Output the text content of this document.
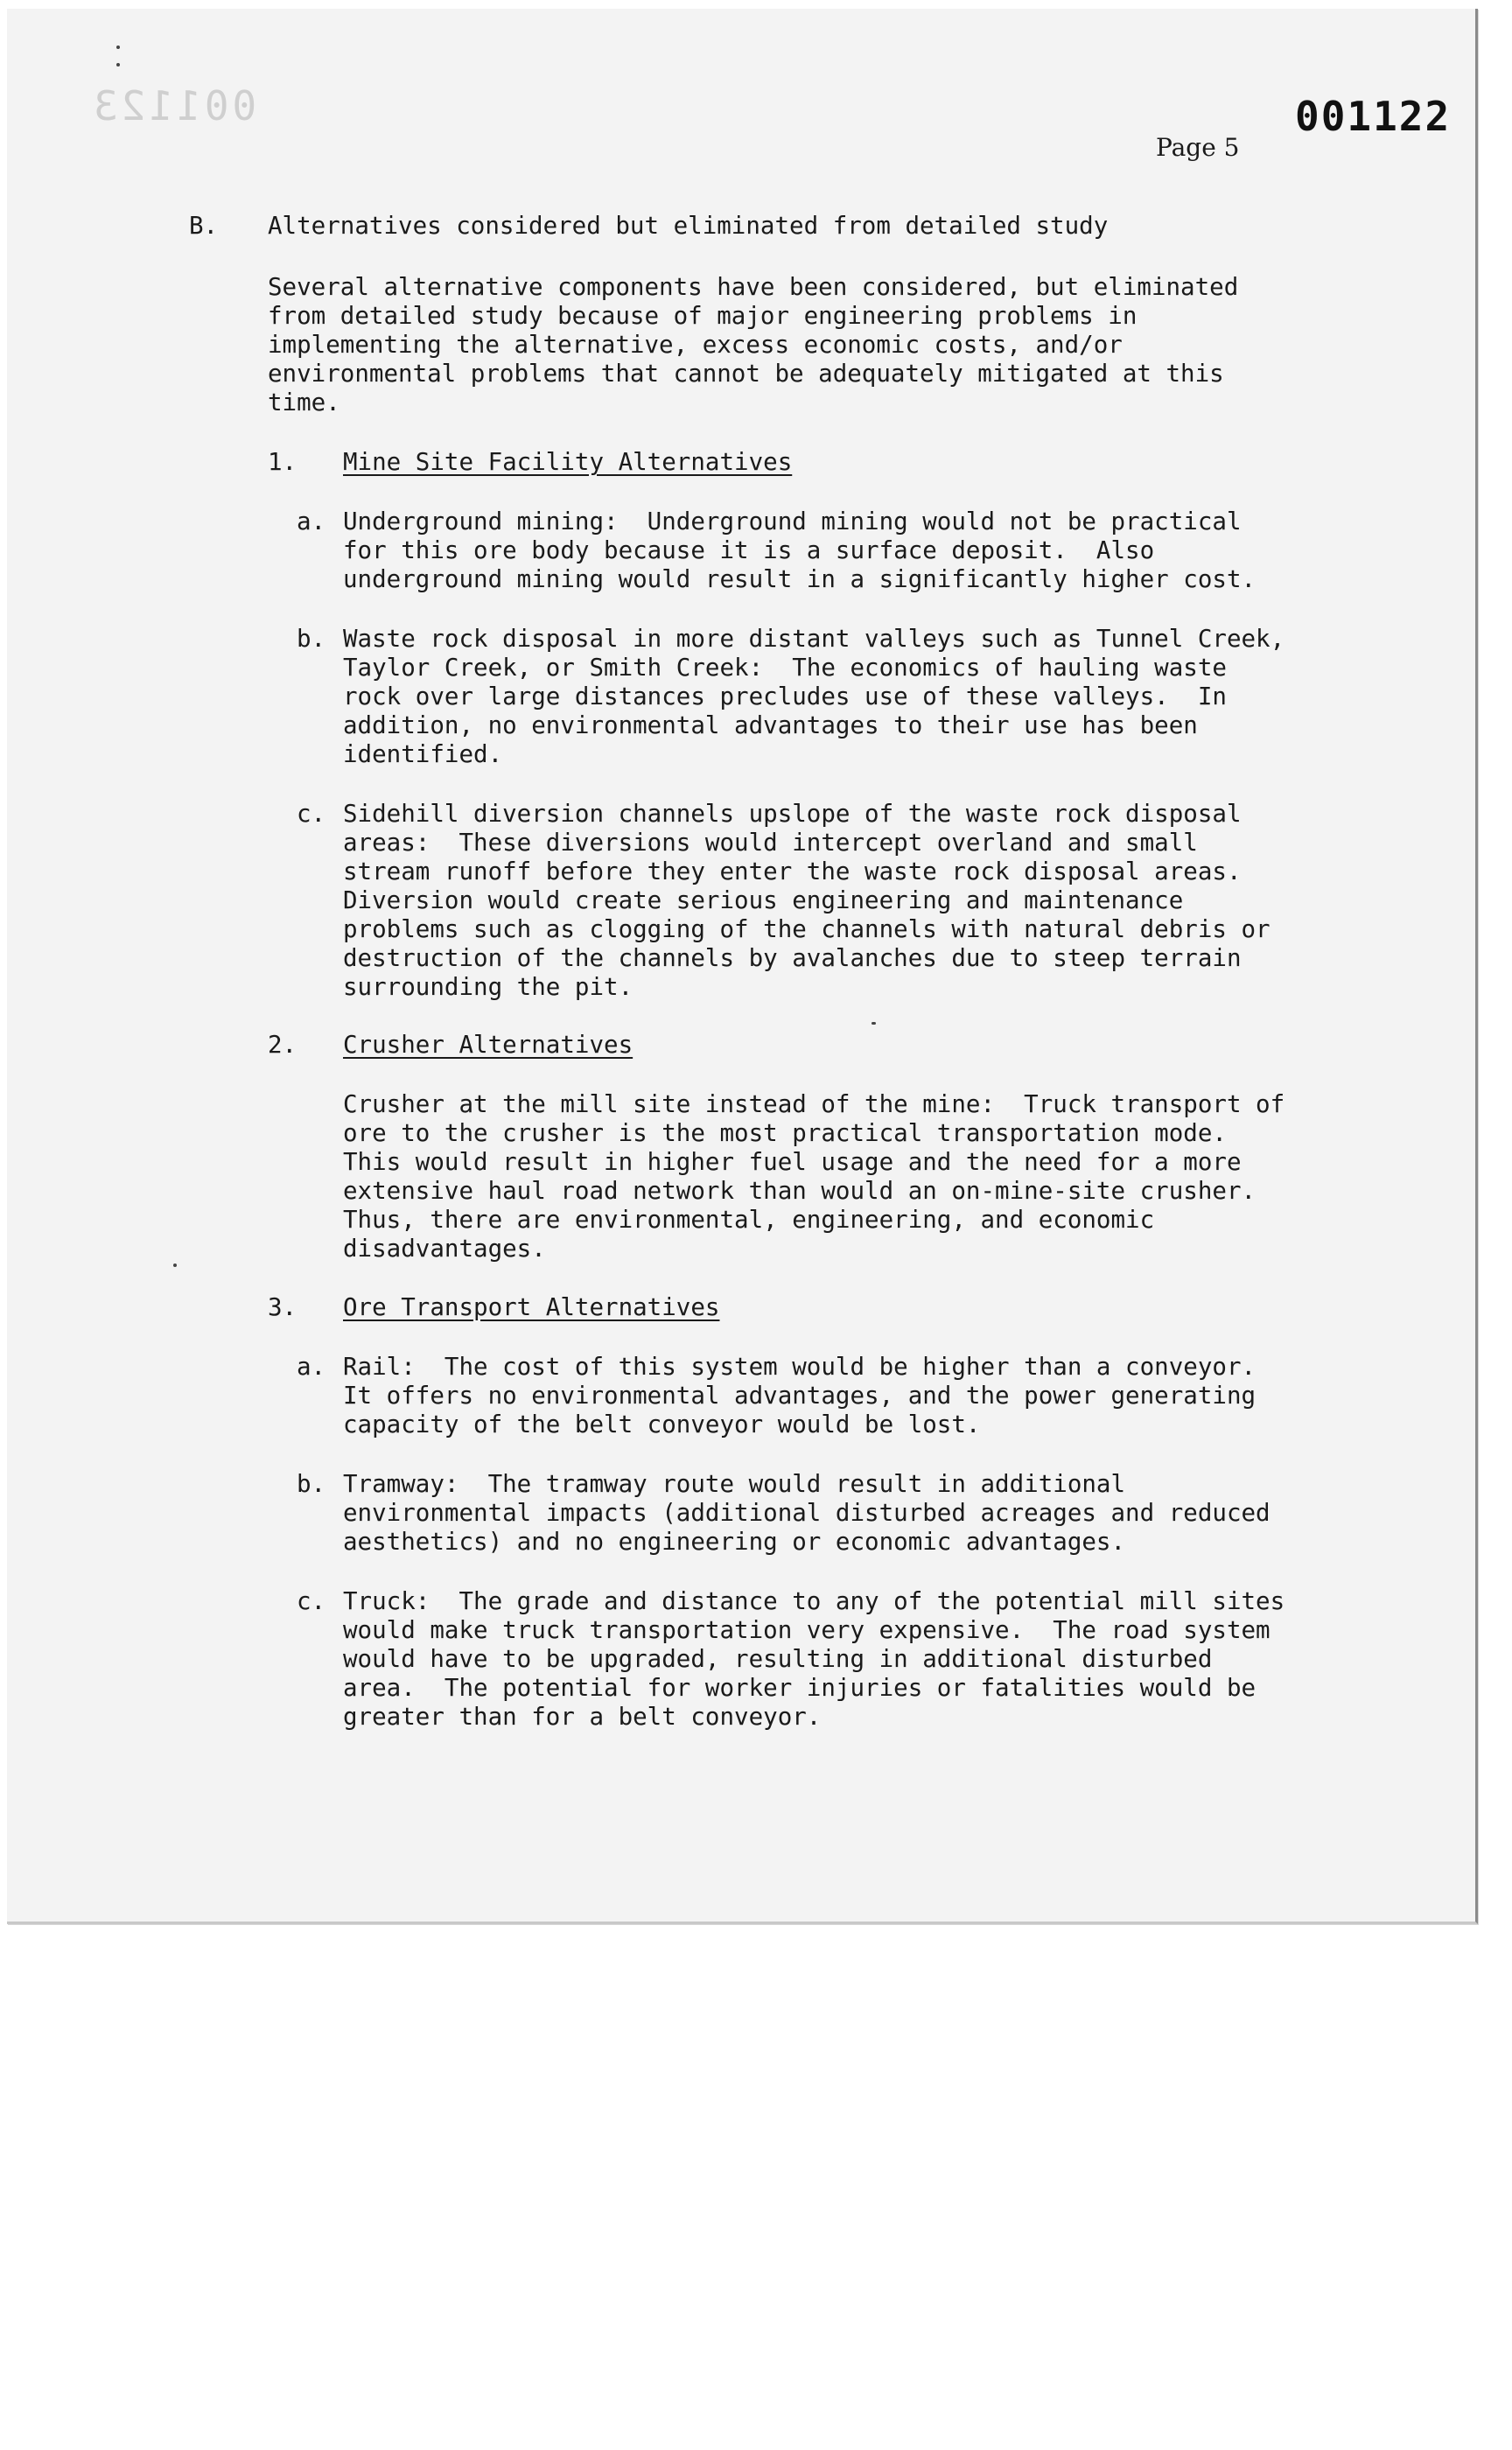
001123	001122
Page 5
B. Alternatives considered but eliminated from detailed study
Several alternative components have been considered, but eliminated
from detailed study because of major engineering problems in
implementing the alternative, excess economic costs, and/or
environmental problems that cannot be adequately mitigated at this
time.
1. Mine Site Facility Alternatives
a. Underground mining:  Underground mining would not be practical
for this ore body because it is a surface deposit.  Also
underground mining would result in a significantly higher cost.
b. Waste rock disposal in more distant valleys such as Tunnel Creek,
Taylor Creek, or Smith Creek:  The economics of hauling waste
rock over large distances precludes use of these valleys.  In
addition, no environmental advantages to their use has been
identified.
c. Sidehill diversion channels upslope of the waste rock disposal
areas:  These diversions would intercept overland and small
stream runoff before they enter the waste rock disposal areas.
Diversion would create serious engineering and maintenance
problems such as clogging of the channels with natural debris or
destruction of the channels by avalanches due to steep terrain
surrounding the pit.
2. Crusher Alternatives
Crusher at the mill site instead of the mine:  Truck transport of
ore to the crusher is the most practical transportation mode.
This would result in higher fuel usage and the need for a more
extensive haul road network than would an on-mine-site crusher.
Thus, there are environmental, engineering, and economic
disadvantages.
3. Ore Transport Alternatives
a. Rail:  The cost of this system would be higher than a conveyor.
It offers no environmental advantages, and the power generating
capacity of the belt conveyor would be lost.
b. Tramway:  The tramway route would result in additional
environmental impacts (additional disturbed acreages and reduced
aesthetics) and no engineering or economic advantages.
c. Truck:  The grade and distance to any of the potential mill sites
would make truck transportation very expensive.  The road system
would have to be upgraded, resulting in additional disturbed
area.  The potential for worker injuries or fatalities would be
greater than for a belt conveyor.
